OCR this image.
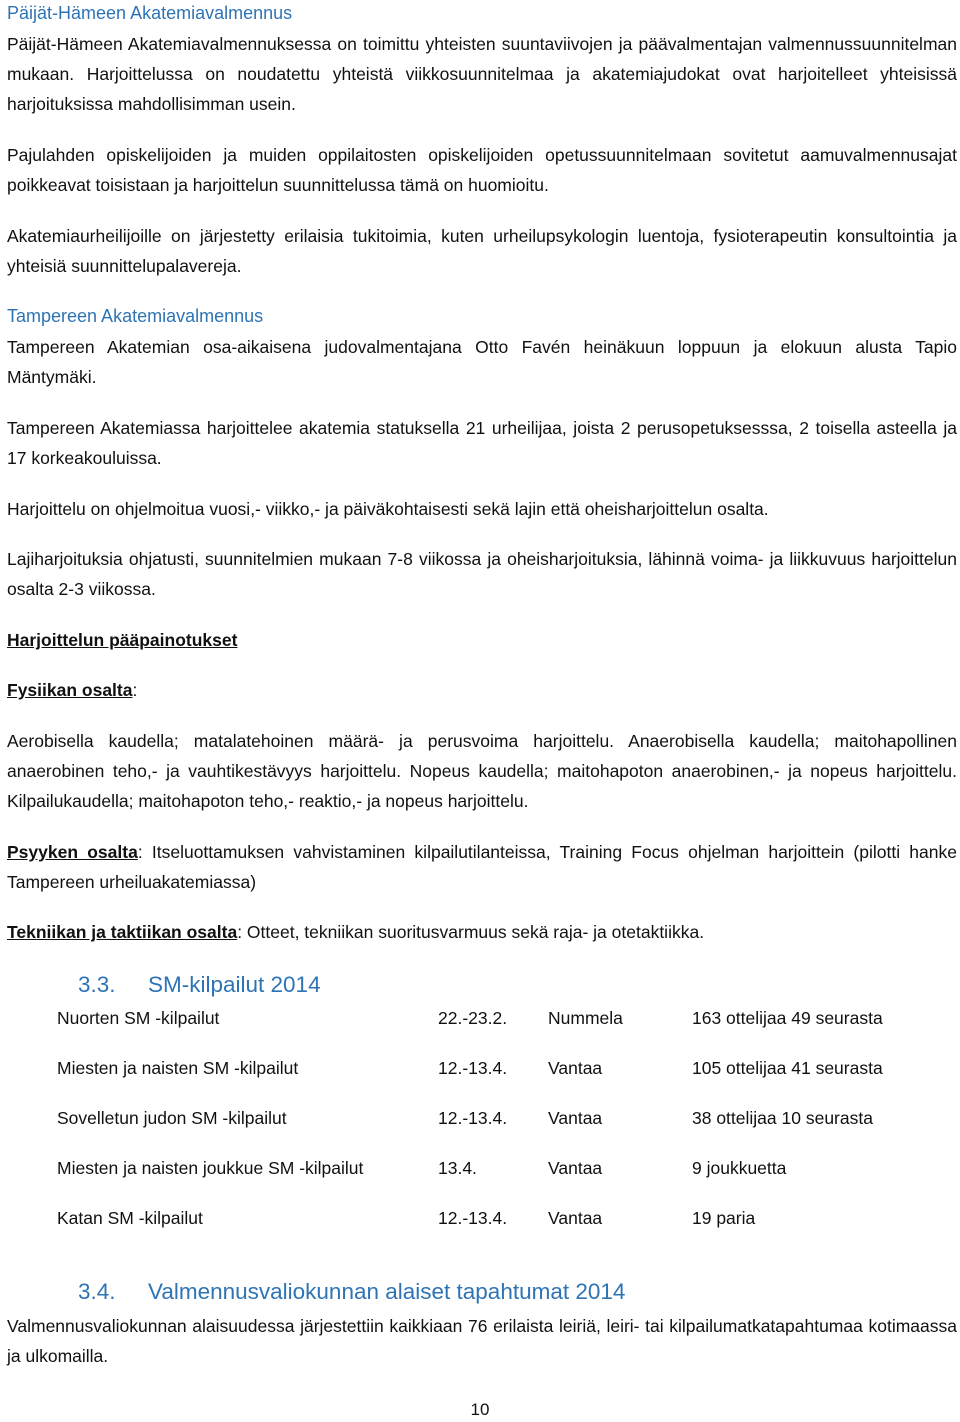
Päijät-Hämeen Akatemiavalmennus
Päijät-Hämeen Akatemiavalmennuksessa on toimittu yhteisten suuntaviivojen ja päävalmentajan valmennussuunnitelman mukaan. Harjoittelussa on noudatettu yhteistä viikkosuunnitelmaa ja akatemiajudokat ovat harjoitelleet yhteisissä harjoituksissa mahdollisimman usein.
Pajulahden opiskelijoiden ja muiden oppilaitosten opiskelijoiden opetussuunnitelmaan sovitetut aamuvalmennusajat poikkeavat toisistaan ja harjoittelun suunnittelussa tämä on huomioitu.
Akatemiaurheilijoille on järjestetty erilaisia tukitoimia, kuten urheilupsykologin luentoja, fysioterapeutin konsultointia ja yhteisiä suunnittelupalavereja.
Tampereen Akatemiavalmennus
Tampereen Akatemian osa-aikaisena judovalmentajana Otto Favén heinäkuun loppuun ja elokuun alusta Tapio Mäntymäki.
Tampereen Akatemiassa harjoittelee akatemia statuksella 21 urheilijaa, joista 2 perusopetuksesssa, 2 toisella asteella ja 17 korkeakouluissa.
Harjoittelu on ohjelmoitua vuosi,- viikko,- ja päiväkohtaisesti sekä lajin että oheisharjoittelun osalta.
Lajiharjoituksia ohjatusti, suunnitelmien mukaan 7-8 viikossa ja oheisharjoituksia, lähinnä voima- ja liikkuvuus harjoittelun osalta 2-3 viikossa.
Harjoittelun pääpainotukset
Fysiikan osalta:
Aerobisella kaudella; matalatehoinen määrä- ja perusvoima harjoittelu. Anaerobisella kaudella; maitohapollinen anaerobinen teho,- ja vauhtikestävyys harjoittelu. Nopeus kaudella; maitohapoton anaerobinen,- ja nopeus harjoittelu. Kilpailukaudella; maitohapoton teho,- reaktio,- ja nopeus harjoittelu.
Psyyken osalta: Itseluottamuksen vahvistaminen kilpailutilanteissa, Training Focus ohjelman harjoittein (pilotti hanke Tampereen urheiluakatemiassa)
Tekniikan ja taktiikan osalta: Otteet, tekniikan suoritusvarmuus sekä raja- ja otetaktiikka.
3.3. SM-kilpailut 2014
Nuorten SM -kilpailut	22.-23.2. Nummela	163 ottelijaa 49 seurasta
Miesten ja naisten SM -kilpailut	12.-13.4. Vantaa	105 ottelijaa 41 seurasta
Sovelletun judon SM -kilpailut	12.-13.4. Vantaa	38 ottelijaa 10 seurasta
Miesten ja naisten joukkue SM -kilpailut	13.4.	Vantaa	9 joukkuetta
Katan SM -kilpailut	12.-13.4. Vantaa	19 paria
3.4. Valmennusvaliokunnan alaiset tapahtumat 2014
Valmennusvaliokunnan alaisuudessa järjestettiin kaikkiaan 76 erilaista leiriä, leiri- tai kilpailumatkatapahtumaa kotimaassa ja ulkomailla.
10
